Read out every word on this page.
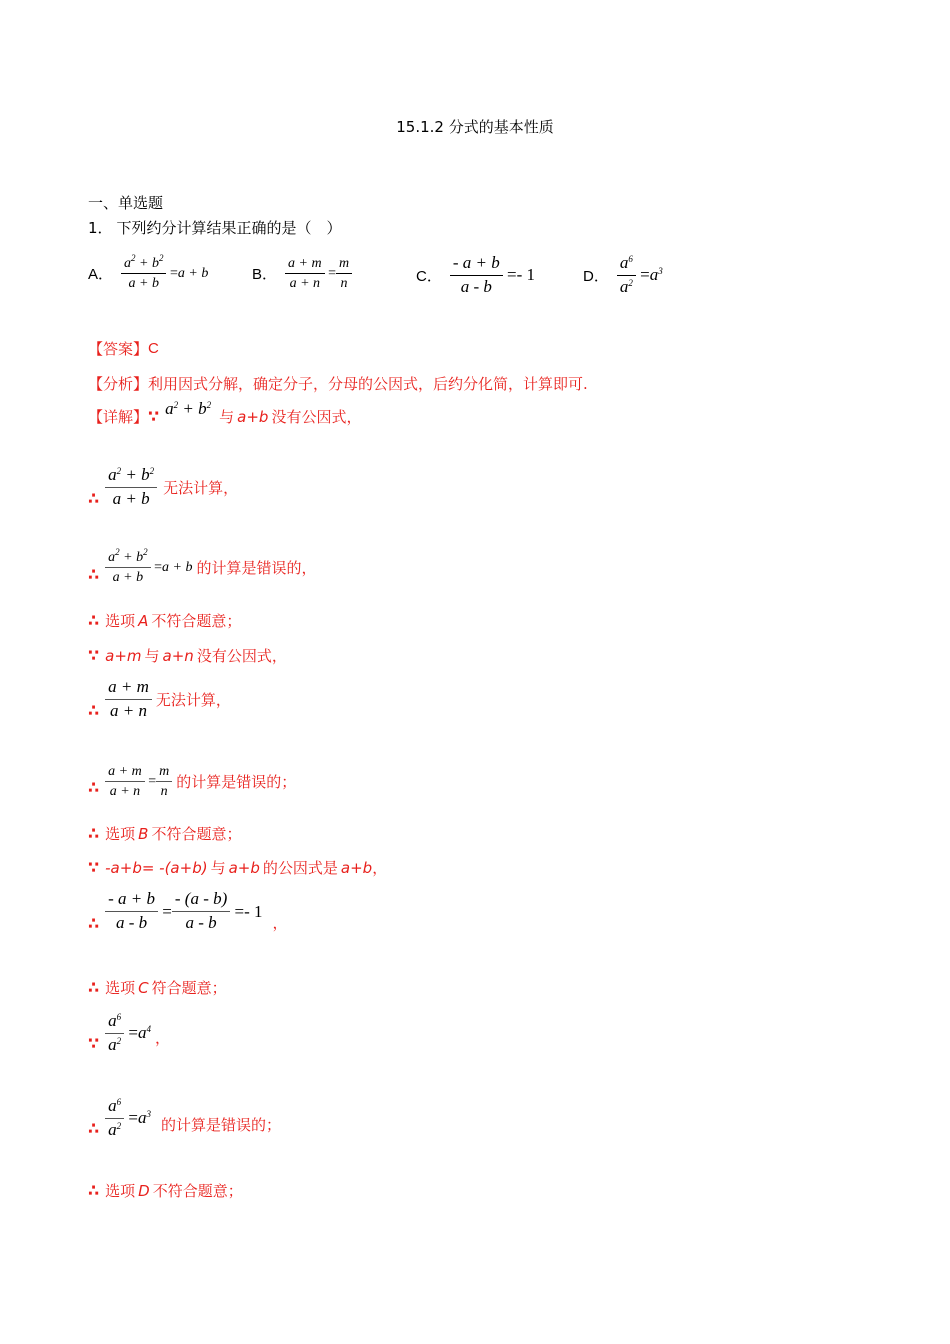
15.1.2 分式的基本性质
一、单选题
1． 下列约分计算结果正确的是（　）
A． $\frac{a^2 + b^2}{a + b} =a + b$	B． $\frac{a + m}{a + n} = \frac{m}{n}$	C． $\frac{- a + b}{a - b} =- 1$	D． $\frac{a^6}{a^2} =a^3$
【答案】 C
【分析】 利用因式分解，确定分子，分母的公因式，后约分化简，计算即可.
【详解】 ∵ $a^2 + b^2$
与 a+b 没有公因式，
∴ $\frac{a^2 + b^2}{a + b}$ 无法计算，
∴ $\frac{a^2 + b^2}{a + b} =a + b$ 的计算是错误的，
∴ 选项 A 不符合题意；
∵ a+m 与 a+n 没有公因式，
∴ $\frac{a + m}{a + n}$ 无法计算，
∴ $\frac{a + m}{a + n} = \frac{m}{n}$ 的计算是错误的；
∴ 选项 B 不符合题意；
∵ -a+b= -(a+b) 与 a+b 的公因式是 a+b ，
∴ $\frac{- a + b}{a - b} = \frac{- (a - b)}{a - b} =- 1$
，
∴ 选项 C 符合题意；
∵ $\frac{a^6}{a^2} =a^4$ ，
∴ $\frac{a^6}{a^2} =a^3$
的计算是错误的；
∴ 选项 D 不符合题意；
